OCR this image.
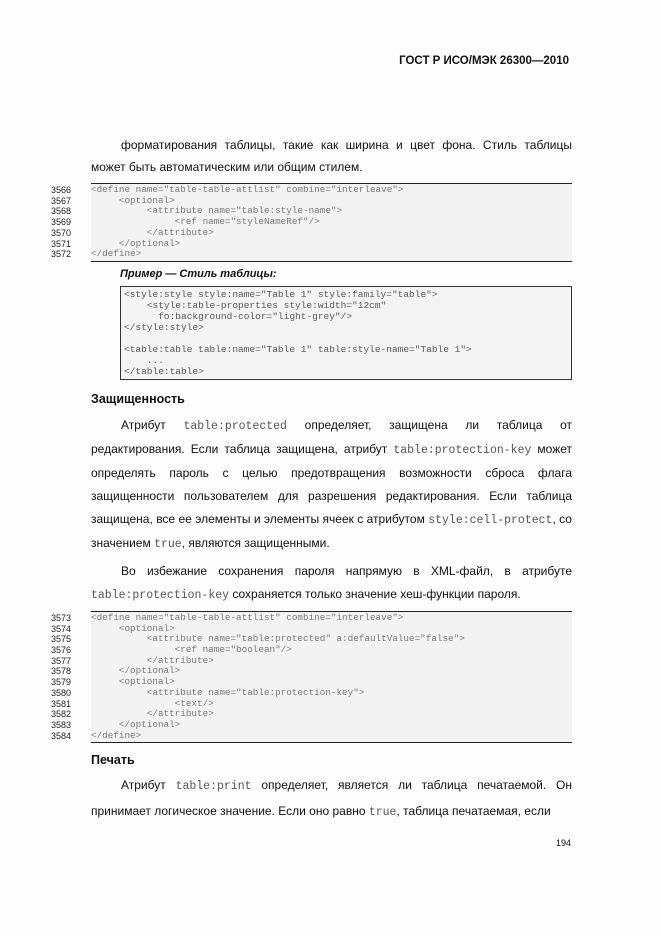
ГОСТ Р ИСО/МЭК 26300—2010

форматирования таблицы, такие как ширина и цвет фона. Стиль таблицы может быть автоматическим или общим стилем.

3566
3567
3568
3569
3570
3571
3572
<define name="table-table-attlist" combine="interleave">
<optional>
<attribute name="table:style-name">
<ref name="styleNameRef"/>
</attribute>
</optional>
</define>
Пример — Стиль таблицы:
<style:style style:name="Table 1" style:family="table">
<style:table-properties style:width="12cm"
fo:background-color="light-grey"/>
</style:style>

<table:table table:name="Table 1" table:style-name="Table 1">
...
</table:table>

Защищенность

Атрибут table:protected определяет, защищена ли таблица от редактирования. Если таблица защищена, атрибут table:protection-key может определять пароль с целью предотвращения возможности сброса флага защищенности пользователем для разрешения редактирования. Если таблица защищена, все ее элементы и элементы ячеек с атрибутом style:cell-protect, со значением true, являются защищенными.

Во избежание сохранения пароля напрямую в XML-файл, в атрибуте table:protection-key сохраняется только значение хеш-функции пароля.

3573
3574
3575
3576
3577
3578
3579
3580
3581
3582
3583
3584
<define name="table-table-attlist" combine="interleave">
<optional>
<attribute name="table:protected" a:defaultValue="false">
<ref name="boolean"/>
</attribute>
</optional>
<optional>
<attribute name="table:protection-key">
<text/>
</attribute>
</optional>
</define>

Печать

Атрибут table:print определяет, является ли таблица печатаемой. Он принимает логическое значение. Если оно равно true, таблица печатаемая, если

194
